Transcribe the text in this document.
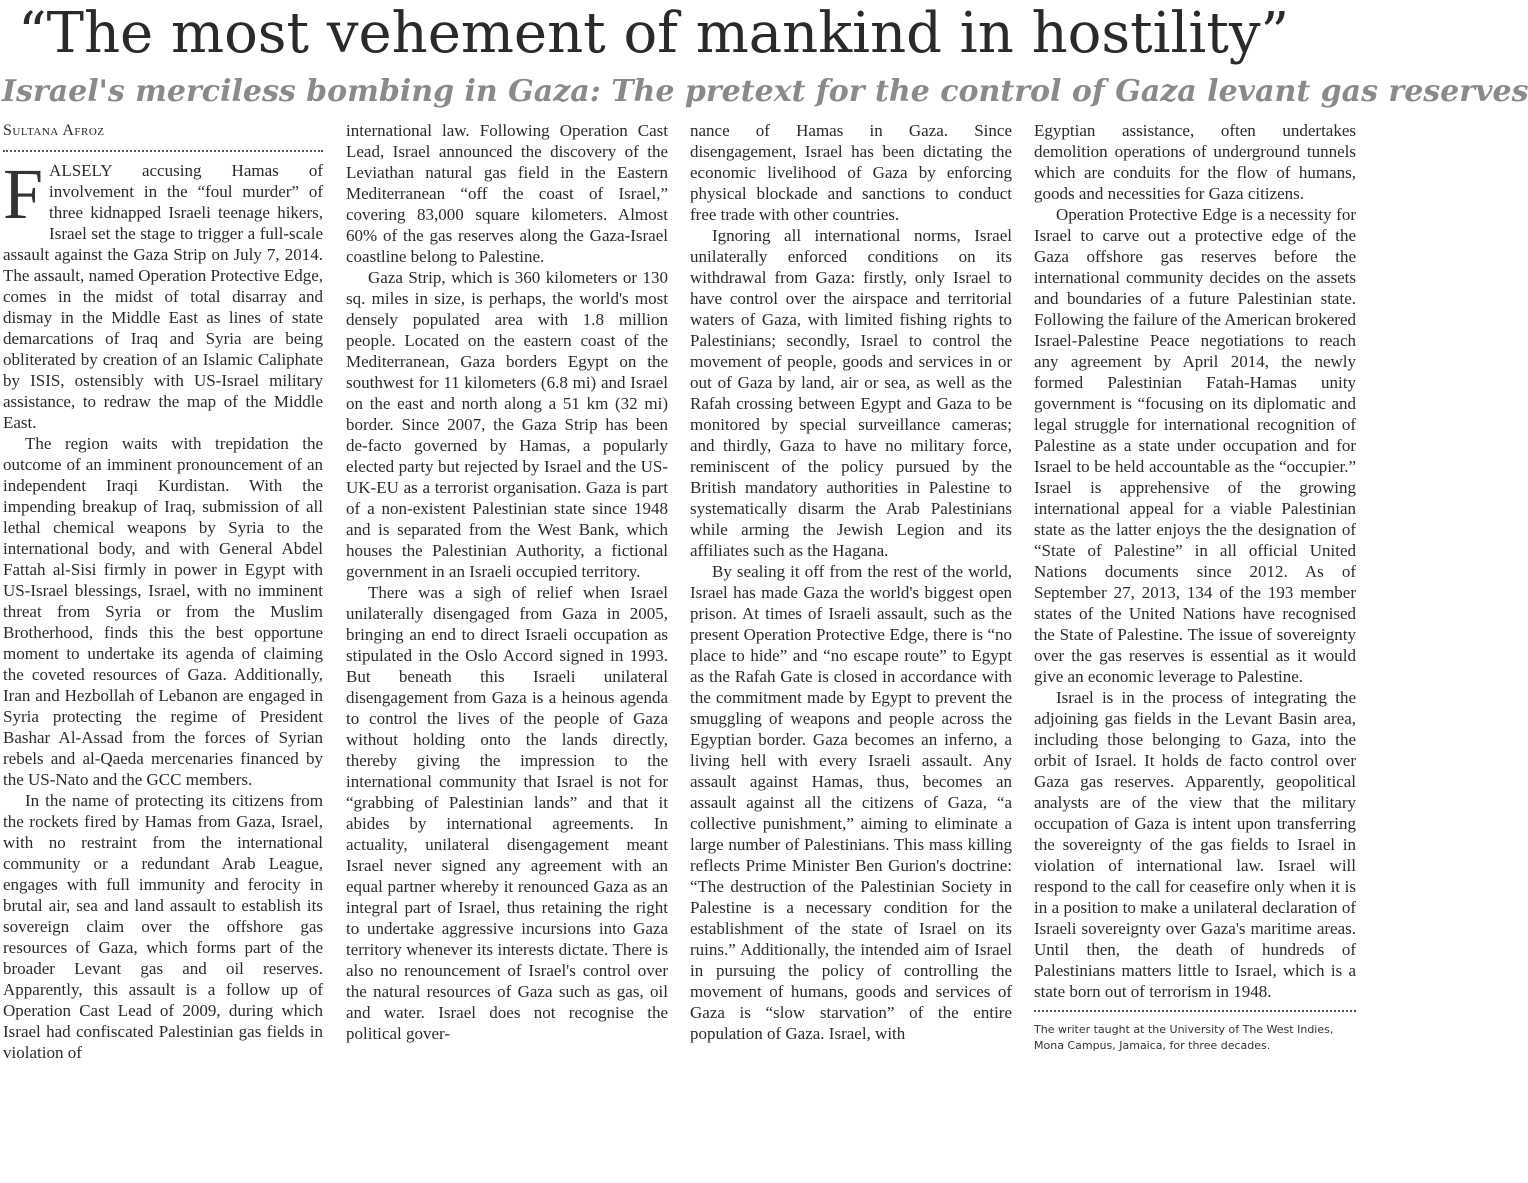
“The most vehement of mankind in hostility”
Israel's merciless bombing in Gaza: The pretext for the control of Gaza levant gas reserves
Sultana Afroz

FALSELY accusing Hamas of involvement in the “foul murder” of three kidnapped Israeli teenage hikers, Israel set the stage to trigger a full-scale assault against the Gaza Strip on July 7, 2014. The assault, named Operation Protective Edge, comes in the midst of total disarray and dismay in the Middle East as lines of state demarcations of Iraq and Syria are being obliterated by creation of an Islamic Caliphate by ISIS, ostensibly with US-Israel military assistance, to redraw the map of the Middle East.

The region waits with trepidation the outcome of an imminent pronouncement of an independent Iraqi Kurdistan. With the impending breakup of Iraq, submission of all lethal chemical weapons by Syria to the international body, and with General Abdel Fattah al-Sisi firmly in power in Egypt with US-Israel blessings, Israel, with no imminent threat from Syria or from the Muslim Brotherhood, finds this the best opportune moment to undertake its agenda of claiming the coveted resources of Gaza. Additionally, Iran and Hezbollah of Lebanon are engaged in Syria protecting the regime of President Bashar Al-Assad from the forces of Syrian rebels and al-Qaeda mercenaries financed by the US-Nato and the GCC members.

In the name of protecting its citizens from the rockets fired by Hamas from Gaza, Israel, with no restraint from the international community or a redundant Arab League, engages with full immunity and ferocity in brutal air, sea and land assault to establish its sovereign claim over the offshore gas resources of Gaza, which forms part of the broader Levant gas and oil reserves. Apparently, this assault is a follow up of Operation Cast Lead of 2009, during which Israel had confiscated Palestinian gas fields in violation of

international law. Following Operation Cast Lead, Israel announced the discovery of the Leviathan natural gas field in the Eastern Mediterranean “off the coast of Israel,” covering 83,000 square kilometers. Almost 60% of the gas reserves along the Gaza-Israel coastline belong to Palestine.

Gaza Strip, which is 360 kilometers or 130 sq. miles in size, is perhaps, the world's most densely populated area with 1.8 million people. Located on the eastern coast of the Mediterranean, Gaza borders Egypt on the southwest for 11 kilometers (6.8 mi) and Israel on the east and north along a 51 km (32 mi) border. Since 2007, the Gaza Strip has been de-facto governed by Hamas, a popularly elected party but rejected by Israel and the US-UK-EU as a terrorist organisation. Gaza is part of a non-existent Palestinian state since 1948 and is separated from the West Bank, which houses the Palestinian Authority, a fictional government in an Israeli occupied territory.

There was a sigh of relief when Israel unilaterally disengaged from Gaza in 2005, bringing an end to direct Israeli occupation as stipulated in the Oslo Accord signed in 1993. But beneath this Israeli unilateral disengagement from Gaza is a heinous agenda to control the lives of the people of Gaza without holding onto the lands directly, thereby giving the impression to the international community that Israel is not for “grabbing of Palestinian lands” and that it abides by international agreements. In actuality, unilateral disengagement meant Israel never signed any agreement with an equal partner whereby it renounced Gaza as an integral part of Israel, thus retaining the right to undertake aggressive incursions into Gaza territory whenever its interests dictate. There is also no renouncement of Israel's control over the natural resources of Gaza such as gas, oil and water. Israel does not recognise the political gover-

nance of Hamas in Gaza. Since disengagement, Israel has been dictating the economic livelihood of Gaza by enforcing physical blockade and sanctions to conduct free trade with other countries.

Ignoring all international norms, Israel unilaterally enforced conditions on its withdrawal from Gaza: firstly, only Israel to have control over the airspace and territorial waters of Gaza, with limited fishing rights to Palestinians; secondly, Israel to control the movement of people, goods and services in or out of Gaza by land, air or sea, as well as the Rafah crossing between Egypt and Gaza to be monitored by special surveillance cameras; and thirdly, Gaza to have no military force, reminiscent of the policy pursued by the British mandatory authorities in Palestine to systematically disarm the Arab Palestinians while arming the Jewish Legion and its affiliates such as the Hagana.

By sealing it off from the rest of the world, Israel has made Gaza the world's biggest open prison. At times of Israeli assault, such as the present Operation Protective Edge, there is “no place to hide” and “no escape route” to Egypt as the Rafah Gate is closed in accordance with the commitment made by Egypt to prevent the smuggling of weapons and people across the Egyptian border. Gaza becomes an inferno, a living hell with every Israeli assault. Any assault against Hamas, thus, becomes an assault against all the citizens of Gaza, “a collective punishment,” aiming to eliminate a large number of Palestinians. This mass killing reflects Prime Minister Ben Gurion's doctrine: “The destruction of the Palestinian Society in Palestine is a necessary condition for the establishment of the state of Israel on its ruins.” Additionally, the intended aim of Israel in pursuing the policy of controlling the movement of humans, goods and services of Gaza is “slow starvation” of the entire population of Gaza. Israel, with

Egyptian assistance, often undertakes demolition operations of underground tunnels which are conduits for the flow of humans, goods and necessities for Gaza citizens.

Operation Protective Edge is a necessity for Israel to carve out a protective edge of the Gaza offshore gas reserves before the international community decides on the assets and boundaries of a future Palestinian state. Following the failure of the American brokered Israel-Palestine Peace negotiations to reach any agreement by April 2014, the newly formed Palestinian Fatah-Hamas unity government is “focusing on its diplomatic and legal struggle for international recognition of Palestine as a state under occupation and for Israel to be held accountable as the “occupier.” Israel is apprehensive of the growing international appeal for a viable Palestinian state as the latter enjoys the the designation of “State of Palestine” in all official United Nations documents since 2012. As of September 27, 2013, 134 of the 193 member states of the United Nations have recognised the State of Palestine. The issue of sovereignty over the gas reserves is essential as it would give an economic leverage to Palestine.

Israel is in the process of integrating the adjoining gas fields in the Levant Basin area, including those belonging to Gaza, into the orbit of Israel. It holds de facto control over Gaza gas reserves. Apparently, geopolitical analysts are of the view that the military occupation of Gaza is intent upon transferring the sovereignty of the gas fields to Israel in violation of international law. Israel will respond to the call for ceasefire only when it is in a position to make a unilateral declaration of Israeli sovereignty over Gaza's maritime areas. Until then, the death of hundreds of Palestinians matters little to Israel, which is a state born out of terrorism in 1948.

The writer taught at the University of The West Indies, Mona Campus, Jamaica, for three decades.
